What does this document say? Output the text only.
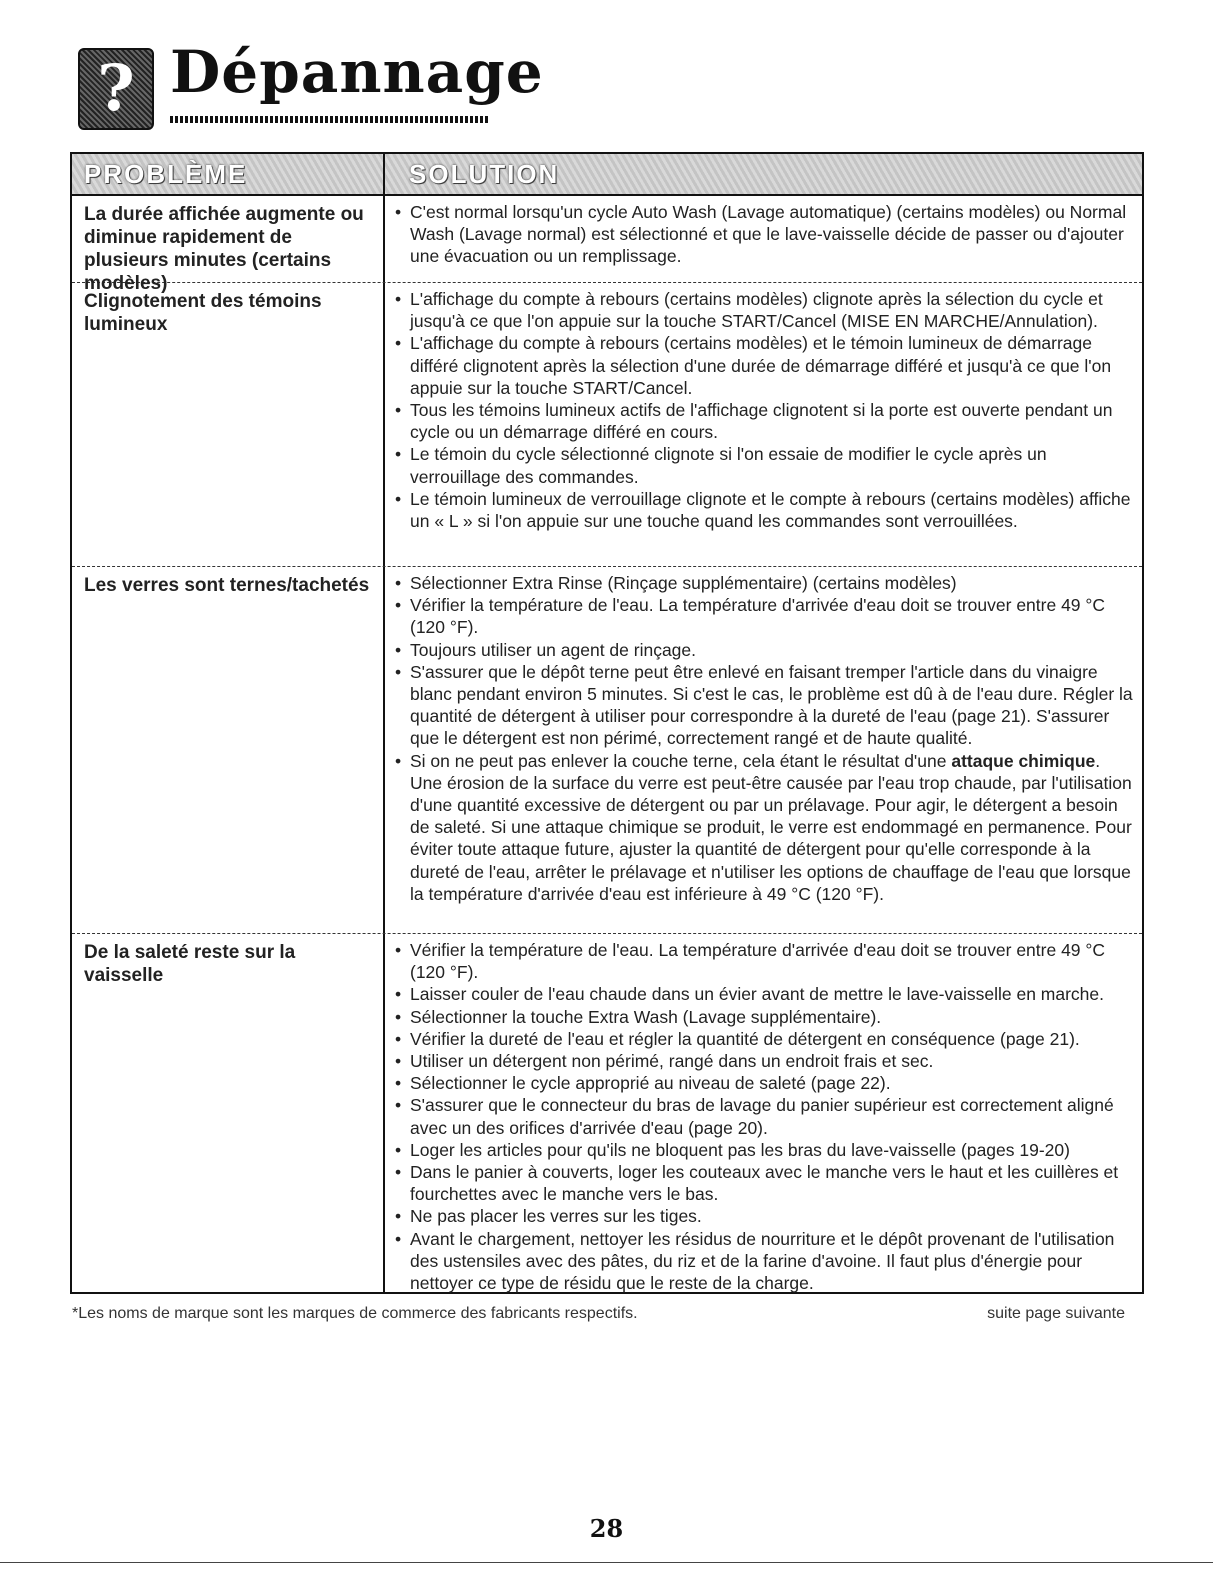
? Dépannage
PROBLÈME	SOLUTION
La durée affichée augmente ou diminue rapidement de plusieurs minutes (certains modèles)
• C'est normal lorsqu'un cycle Auto Wash (Lavage automatique) (certains modèles) ou Normal Wash (Lavage normal) est sélectionné et que le lave-vaisselle décide de passer ou d'ajouter une évacuation ou un remplissage.
Clignotement des témoins lumineux
• L'affichage du compte à rebours (certains modèles) clignote après la sélection du cycle et jusqu'à ce que l'on appuie sur la touche START/Cancel (MISE EN MARCHE/Annulation).
• L'affichage du compte à rebours (certains modèles) et le témoin lumineux de démarrage différé clignotent après la sélection d'une durée de démarrage différé et jusqu'à ce que l'on appuie sur la touche START/Cancel.
• Tous les témoins lumineux actifs de l'affichage clignotent si la porte est ouverte pendant un cycle ou un démarrage différé en cours.
• Le témoin du cycle sélectionné clignote si l'on essaie de modifier le cycle après un verrouillage des commandes.
• Le témoin lumineux de verrouillage clignote et le compte à rebours (certains modèles) affiche un « L » si l'on appuie sur une touche quand les commandes sont verrouillées.
Les verres sont ternes/tachetés
•	Sélectionner Extra Rinse (Rinçage supplémentaire) (certains modèles)
• Vérifier la température de l'eau. La température d'arrivée d'eau doit se trouver entre 49 °C (120 °F).
• Toujours utiliser un agent de rinçage.
• S'assurer que le dépôt terne peut être enlevé en faisant tremper l'article dans du vinaigre blanc pendant environ 5 minutes. Si c'est le cas, le problème est dû à de l'eau dure. Régler la quantité de détergent à utiliser pour correspondre à la dureté de l'eau (page 21). S'assurer que le détergent est non périmé, correctement rangé et de haute qualité.
• Si on ne peut pas enlever la couche terne, cela étant le résultat d'une attaque chimique. Une érosion de la surface du verre est peut-être causée par l'eau trop chaude, par l'utilisation d'une quantité excessive de détergent ou par un prélavage. Pour agir, le détergent a besoin de saleté. Si une attaque chimique se produit, le verre est endommagé en permanence. Pour éviter toute attaque future, ajuster la quantité de détergent pour qu'elle corresponde à la dureté de l'eau, arrêter le prélavage et n'utiliser les options de chauffage de l'eau que lorsque la température d'arrivée d'eau est inférieure à 49 °C (120 °F).
De la saleté reste sur la vaisselle
• Vérifier la température de l'eau. La température d'arrivée d'eau doit se trouver entre 49 °C (120 °F).
• Laisser couler de l'eau chaude dans un évier avant de mettre le lave-vaisselle en marche.
• Sélectionner la touche Extra Wash (Lavage supplémentaire).
• Vérifier la dureté de l'eau et régler la quantité de détergent en conséquence (page 21).
• Utiliser un détergent non périmé, rangé dans un endroit frais et sec.
• Sélectionner le cycle approprié au niveau de saleté (page 22).
• S'assurer que le connecteur du bras de lavage du panier supérieur est correctement aligné avec un des orifices d'arrivée d'eau (page 20).
• Loger les articles pour qu'ils ne bloquent pas les bras du lave-vaisselle (pages 19-20)
• Dans le panier à couverts, loger les couteaux avec le manche vers le haut et les cuillères et fourchettes avec le manche vers le bas.
• Ne pas placer les verres sur les tiges.
• Avant le chargement, nettoyer les résidus de nourriture et le dépôt provenant de l'utilisation des ustensiles avec des pâtes, du riz et de la farine d'avoine. Il faut plus d'énergie pour nettoyer ce type de résidu que le reste de la charge.
*Les noms de marque sont les marques de commerce des fabricants respectifs.	suite page suivante
28
